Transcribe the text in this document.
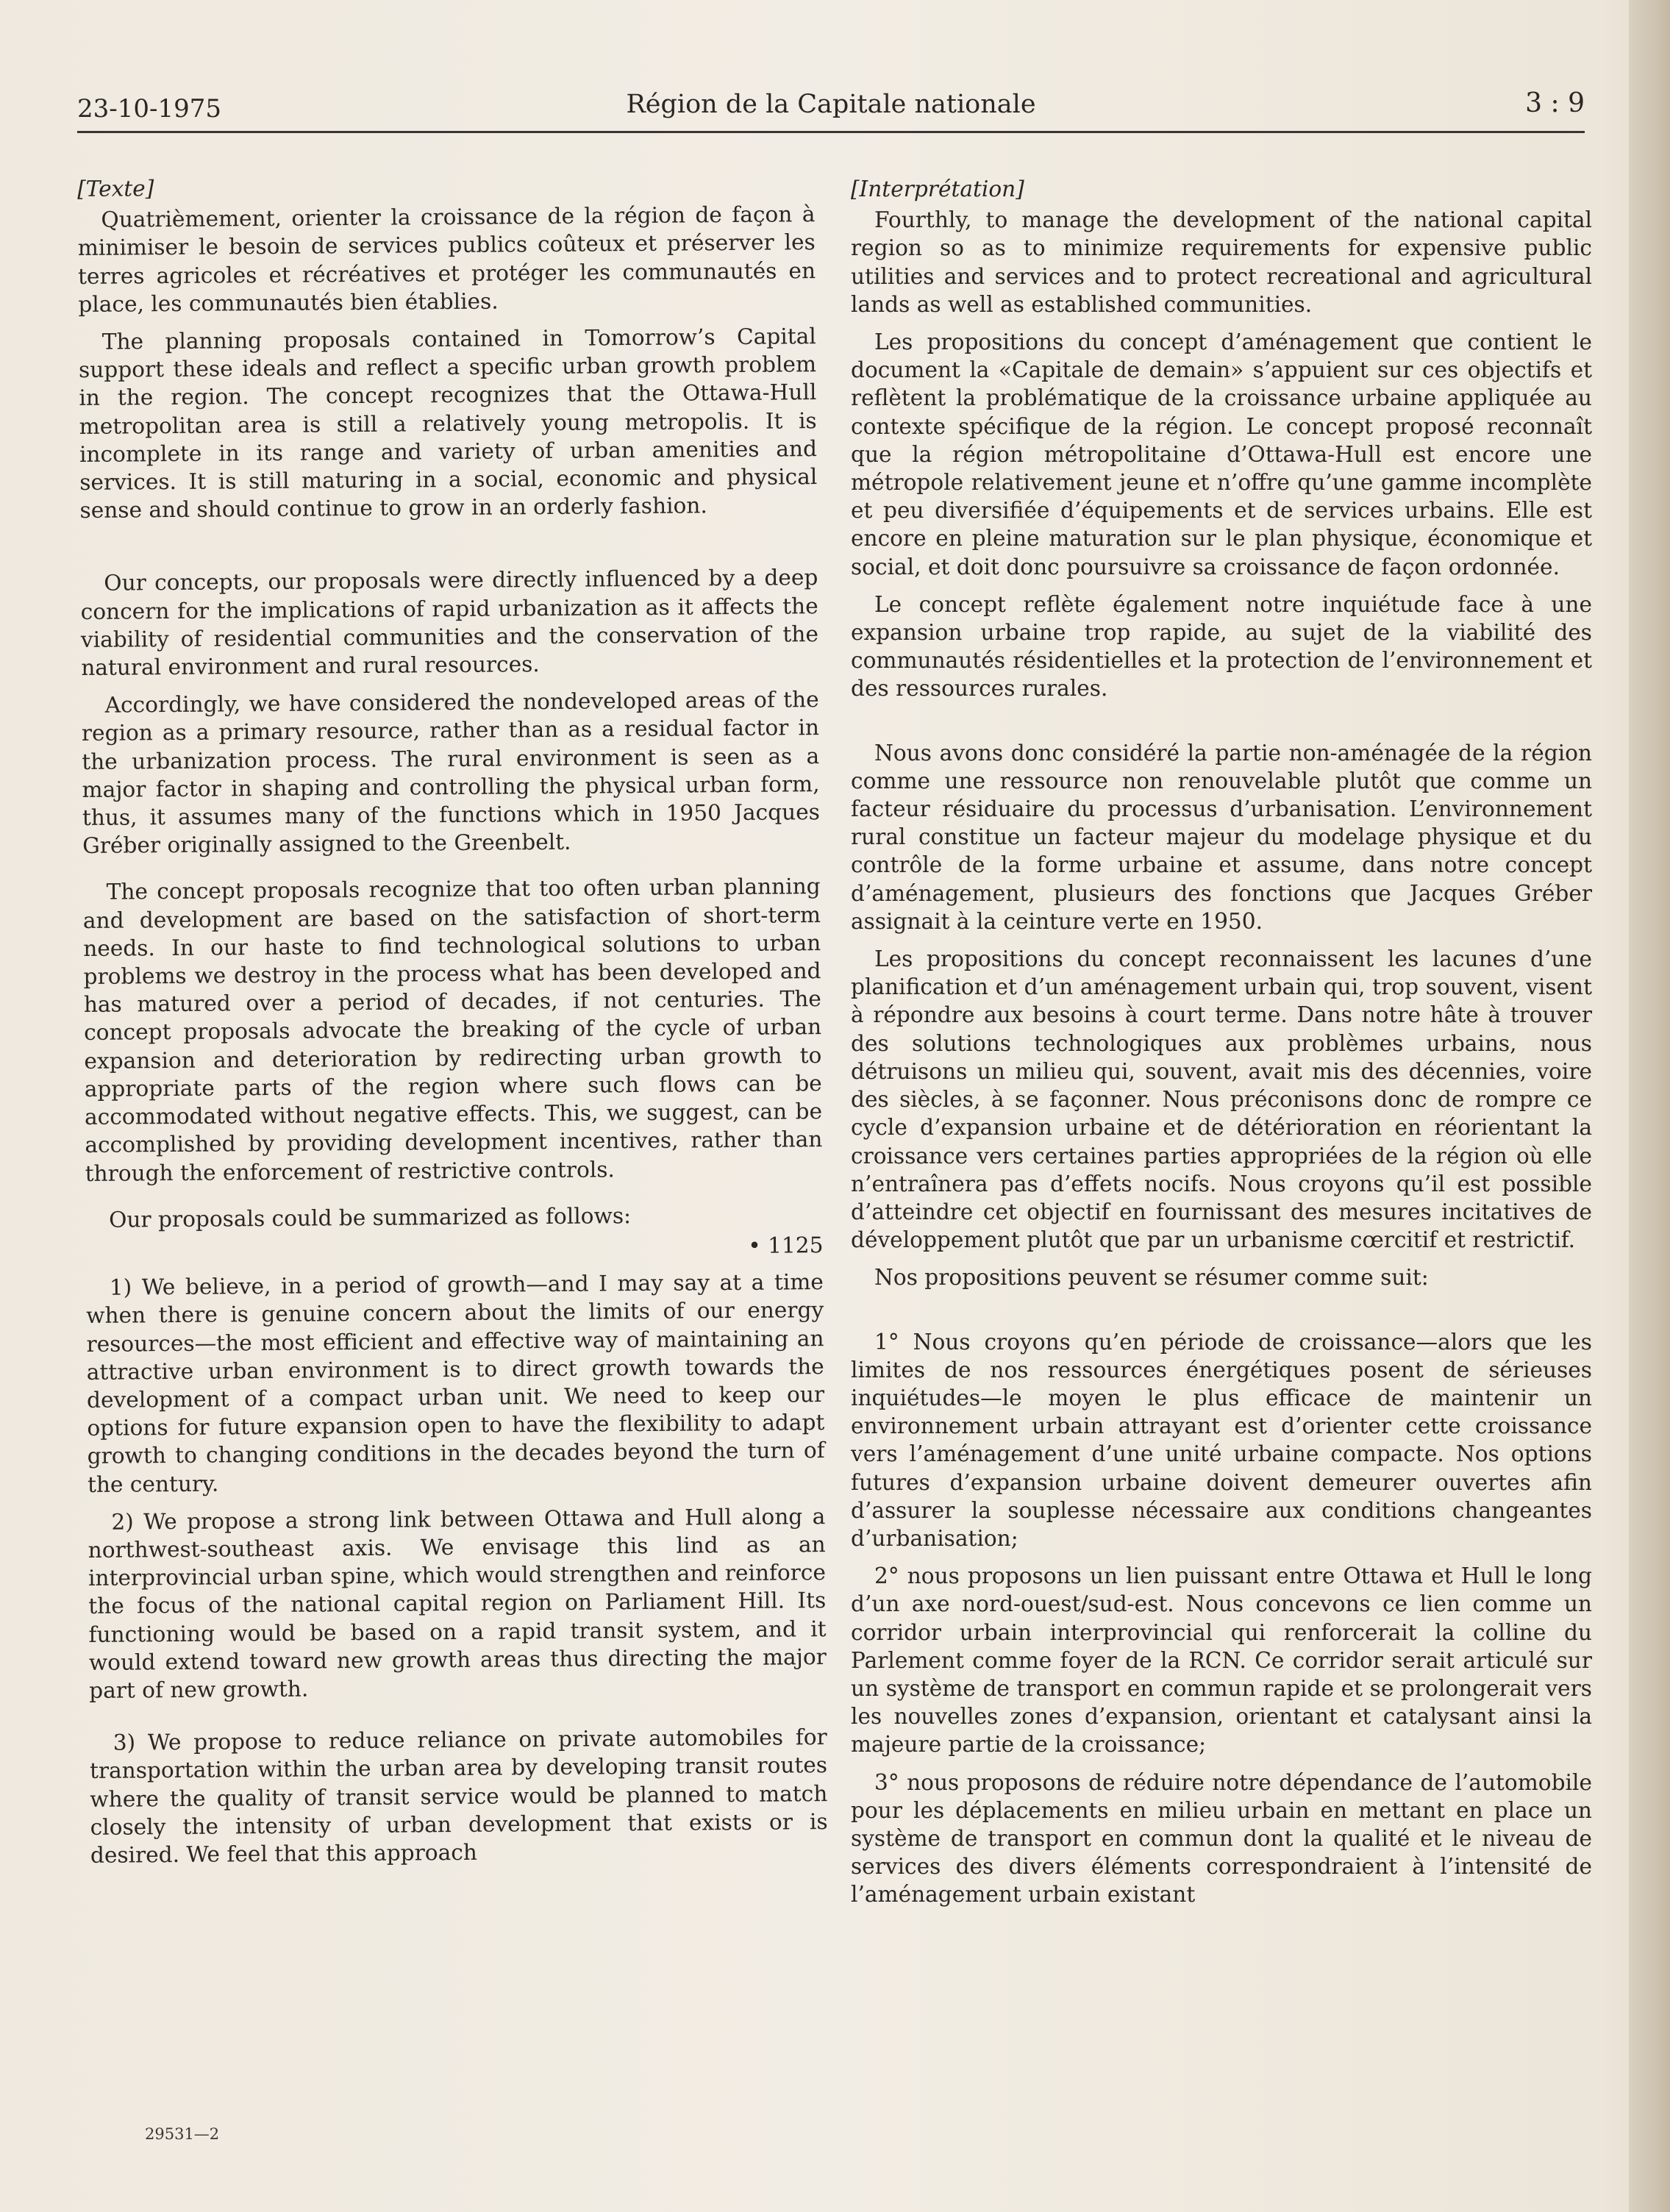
23-10-1975	Région de la Capitale nationale	3 : 9

[Texte]

Quatrièmement, orienter la croissance de la région de façon à minimiser le besoin de services publics coûteux et préserver les terres agricoles et récréatives et protéger les communautés en place, les communautés bien établies.

The planning proposals contained in Tomorrow’s Capital support these ideals and reflect a specific urban growth problem in the region. The concept recognizes that the Ottawa-Hull metropolitan area is still a relatively young metropolis. It is incomplete in its range and variety of urban amenities and services. It is still maturing in a social, economic and physical sense and should continue to grow in an orderly fashion.

Our concepts, our proposals were directly influenced by a deep concern for the implications of rapid urbanization as it affects the viability of residential communities and the conservation of the natural environment and rural resources.

Accordingly, we have considered the nondeveloped areas of the region as a primary resource, rather than as a residual factor in the urbanization process. The rural environment is seen as a major factor in shaping and controlling the physical urban form, thus, it assumes many of the functions which in 1950 Jacques Gréber originally assigned to the Greenbelt.

The concept proposals recognize that too often urban planning and development are based on the satisfaction of short-term needs. In our haste to find technological solutions to urban problems we destroy in the process what has been developed and has matured over a period of decades, if not centuries. The concept proposals advocate the breaking of the cycle of urban expansion and deterioration by redirecting urban growth to appropriate parts of the region where such flows can be accommodated without negative effects. This, we suggest, can be accomplished by providing development incentives, rather than through the enforcement of restrictive controls.

Our proposals could be summarized as follows:

• 1125

1) We believe, in a period of growth—and I may say at a time when there is genuine concern about the limits of our energy resources—the most efficient and effective way of maintaining an attractive urban environment is to direct growth towards the development of a compact urban unit. We need to keep our options for future expansion open to have the flexibility to adapt growth to changing conditions in the decades beyond the turn of the century.

2) We propose a strong link between Ottawa and Hull along a northwest-southeast axis. We envisage this lind as an interprovincial urban spine, which would strengthen and reinforce the focus of the national capital region on Parliament Hill. Its functioning would be based on a rapid transit system, and it would extend toward new growth areas thus directing the major part of new growth.

3) We propose to reduce reliance on private automobiles for transportation within the urban area by developing transit routes where the quality of transit service would be planned to match closely the intensity of urban development that exists or is desired. We feel that this approach

[Interprétation]

Fourthly, to manage the development of the national capital region so as to minimize requirements for expensive public utilities and services and to protect recreational and agricultural lands as well as established communities.

Les propositions du concept d’aménagement que contient le document la «Capitale de demain» s’appuient sur ces objectifs et reflètent la problématique de la croissance urbaine appliquée au contexte spécifique de la région. Le concept proposé reconnaît que la région métropolitaine d’Ottawa-Hull est encore une métropole relativement jeune et n’offre qu’une gamme incomplète et peu diversifiée d’équipements et de services urbains. Elle est encore en pleine maturation sur le plan physique, économique et social, et doit donc poursuivre sa croissance de façon ordonnée.

Le concept reflète également notre inquiétude face à une expansion urbaine trop rapide, au sujet de la viabilité des communautés résidentielles et la protection de l’environnement et des ressources rurales.

Nous avons donc considéré la partie non-aménagée de la région comme une ressource non renouvelable plutôt que comme un facteur résiduaire du processus d’urbanisation. L’environnement rural constitue un facteur majeur du modelage physique et du contrôle de la forme urbaine et assume, dans notre concept d’aménagement, plusieurs des fonctions que Jacques Gréber assignait à la ceinture verte en 1950.

Les propositions du concept reconnaissent les lacunes d’une planification et d’un aménagement urbain qui, trop souvent, visent à répondre aux besoins à court terme. Dans notre hâte à trouver des solutions technologiques aux problèmes urbains, nous détruisons un milieu qui, souvent, avait mis des décennies, voire des siècles, à se façonner. Nous préconisons donc de rompre ce cycle d’expansion urbaine et de détérioration en réorientant la croissance vers certaines parties appropriées de la région où elle n’entraînera pas d’effets nocifs. Nous croyons qu’il est possible d’atteindre cet objectif en fournissant des mesures incitatives de développement plutôt que par un urbanisme cœrcitif et restrictif.

Nos propositions peuvent se résumer comme suit:

1° Nous croyons qu’en période de croissance—alors que les limites de nos ressources énergétiques posent de sérieuses inquiétudes—le moyen le plus efficace de maintenir un environnement urbain attrayant est d’orienter cette croissance vers l’aménagement d’une unité urbaine compacte. Nos options futures d’expansion urbaine doivent demeurer ouvertes afin d’assurer la souplesse nécessaire aux conditions changeantes d’urbanisation;

2° nous proposons un lien puissant entre Ottawa et Hull le long d’un axe nord-ouest/sud-est. Nous concevons ce lien comme un corridor urbain interprovincial qui renforcerait la colline du Parlement comme foyer de la RCN. Ce corridor serait articulé sur un système de transport en commun rapide et se prolongerait vers les nouvelles zones d’expansion, orientant et catalysant ainsi la majeure partie de la croissance;

3° nous proposons de réduire notre dépendance de l’automobile pour les déplacements en milieu urbain en mettant en place un système de transport en commun dont la qualité et le niveau de services des divers éléments correspondraient à l’intensité de l’aménagement urbain existant

29531—2
